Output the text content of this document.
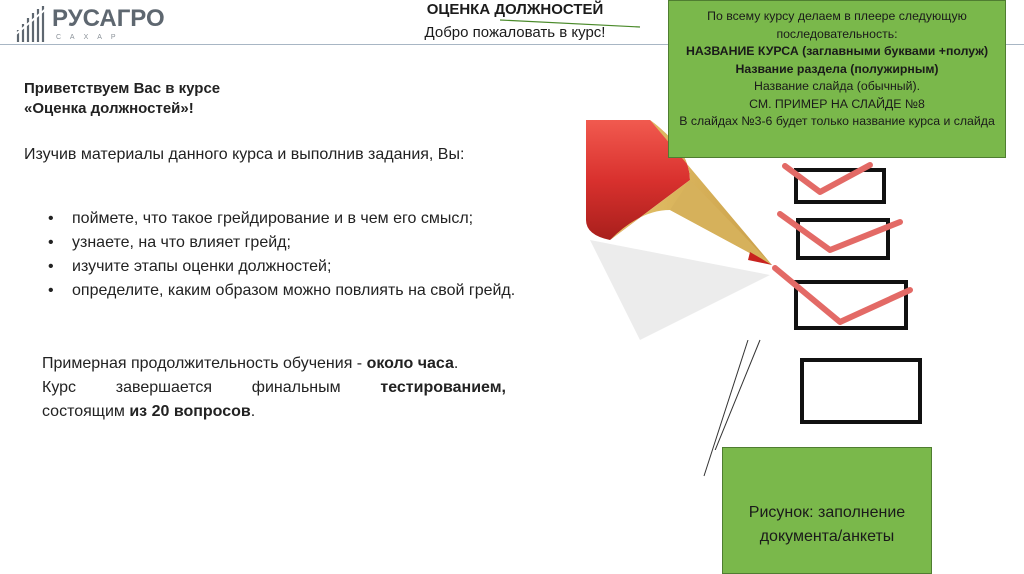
РУСАГРО
САХАР
ОЦЕНКА ДОЛЖНОСТЕЙ
Добро пожаловать в курс!
По всему курсу делаем в плеере следующую последовательность:
НАЗВАНИЕ КУРСА (заглавными буквами +полуж)
Название раздела (полужирным)
Название слайда (обычный).
СМ. ПРИМЕР НА СЛАЙДЕ №8
В слайдах №3-6 будет только название курса и слайда
Приветствуем Вас в курсе
«Оценка должностей»!
Изучив материалы данного курса и выполнив задания, Вы:
• поймете, что такое грейдирование и в чем его смысл;
• узнаете, на что влияет грейд;
• изучите этапы оценки должностей;
• определите, каким образом можно повлиять на свой грейд.
Примерная продолжительность обучения - около часа.
Курс завершается финальным тестированием,
состоящим из 20 вопросов.
Рисунок: заполнение
документа/анкеты
